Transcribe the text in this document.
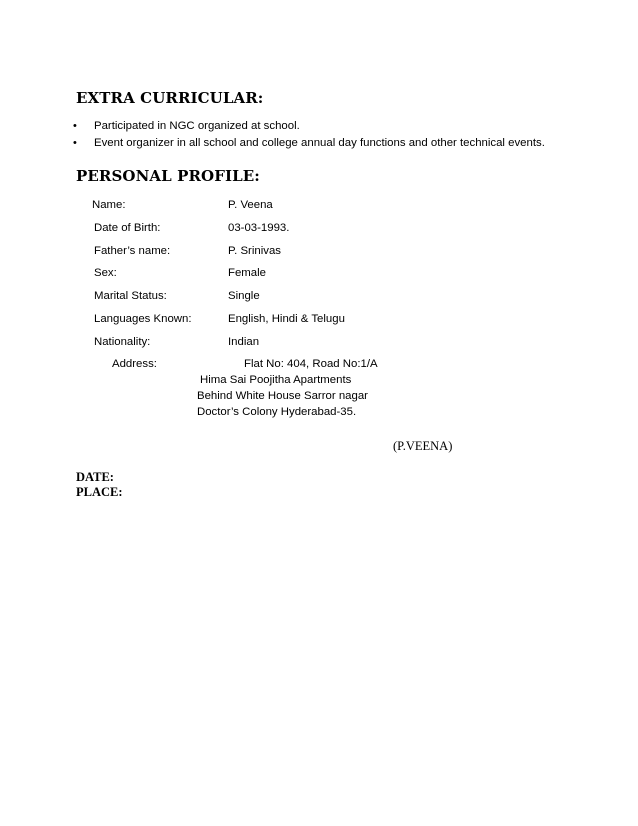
EXTRA CURRICULAR:
•	Participated in NGC organized at school.
•	Event organizer in all school and college annual day functions and other technical events.
PERSONAL PROFILE:
Name:	P. Veena
Date of Birth:	03-03-1993.
Father’s name:	P. Srinivas
Sex:	Female
Marital Status:	Single
Languages Known:	English, Hindi & Telugu
Nationality:	Indian
Address:	Flat No: 404, Road No:1/A
Hima Sai Poojitha Apartments
Behind White House Sarror nagar
Doctor’s Colony Hyderabad-35.
(P.VEENA)
DATE:
PLACE:
